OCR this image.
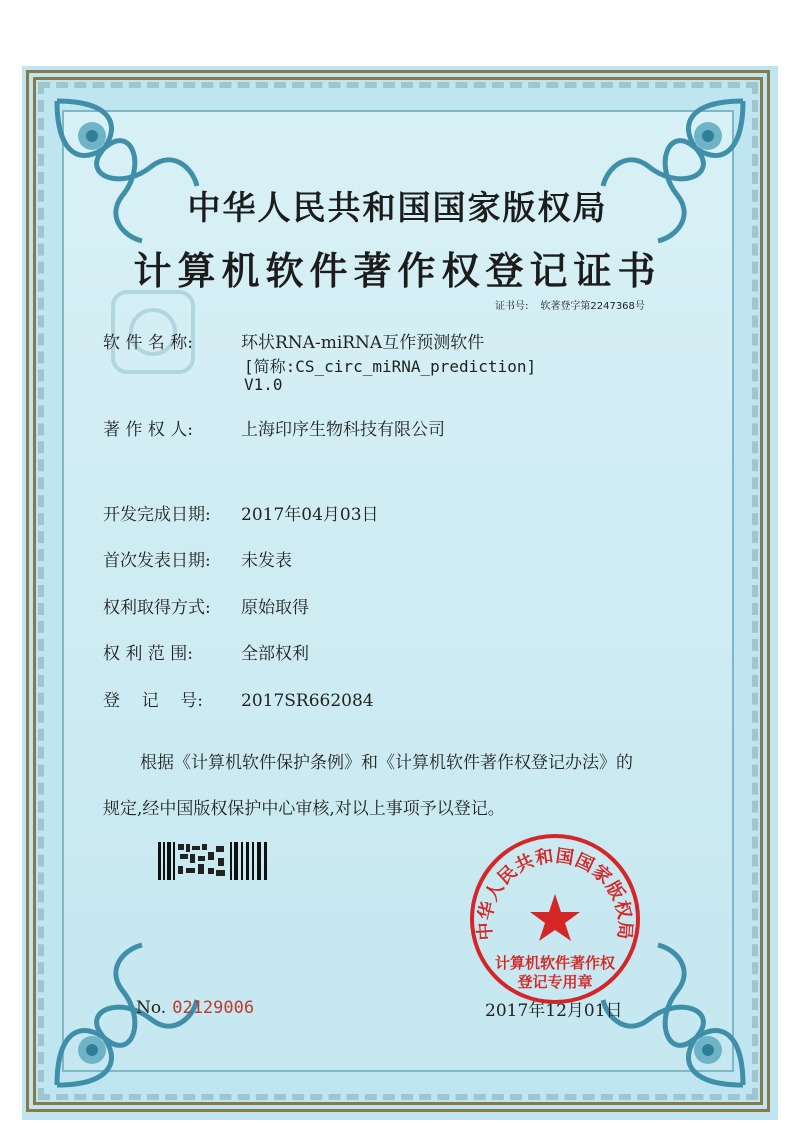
中华人民共和国国家版权局
计算机软件著作权登记证书
证书号: 软著登字第2247368号
软 件 名 称:	环状RNA-miRNA互作预测软件
[简称:CS_circ_miRNA_prediction]
V1.0
著 作 权 人:	上海印序生物科技有限公司
开发完成日期: 2017年04月03日
首次发表日期: 未发表
权利取得方式: 原始取得
权 利 范 围:	全部权利
登    记    号: 2017SR662084
根据《计算机软件保护条例》和《计算机软件著作权登记办法》的
规定,经中国版权保护中心审核,对以上事项予以登记。
No. 02129006	2017年12月01日
中华人民共和国国家版权局
计算机软件著作权
登记专用章
